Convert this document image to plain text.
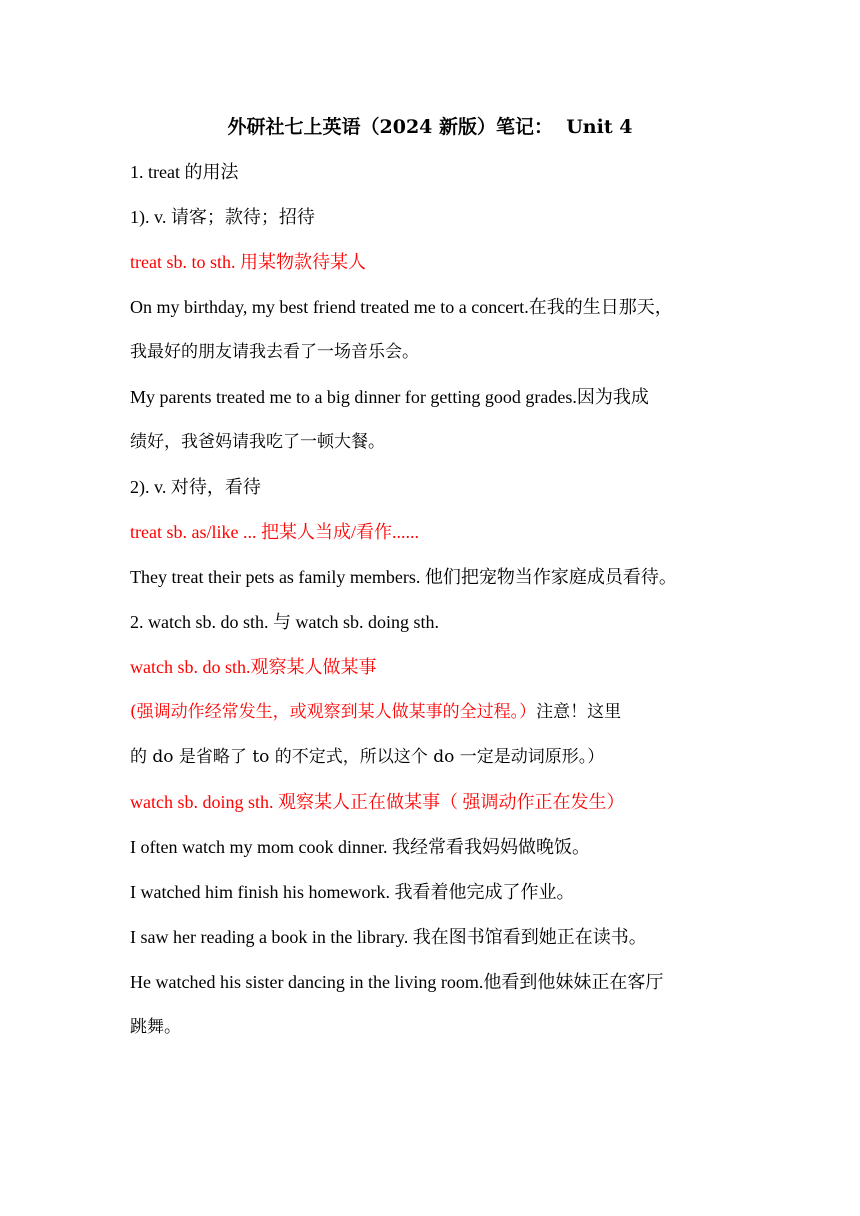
外研社七上英语（2024 新版）笔记：  Unit 4
1. treat 的用法
1). v. 请客；款待；招待
treat sb. to sth. 用某物款待某人
On my birthday, my best friend treated me to a concert.在我的生日那天，
我最好的朋友请我去看了一场音乐会。
My parents treated me to a big dinner for getting good grades.因为我成
绩好，我爸妈请我吃了一顿大餐。
2). v. 对待，看待
treat sb. as/like ... 把某人当成/看作......
They treat their pets as family members. 他们把宠物当作家庭成员看待。
2. watch sb. do sth. 与 watch sb. doing sth.
watch sb. do sth.观察某人做某事
(强调动作经常发生，或观察到某人做某事的全过程。）注意！这里
的 do 是省略了 to 的不定式，所以这个 do 一定是动词原形。）
watch sb. doing sth. 观察某人正在做某事（ 强调动作正在发生）
I often watch my mom cook dinner. 我经常看我妈妈做晚饭。
I watched him finish his homework. 我看着他完成了作业。
I saw her reading a book in the library. 我在图书馆看到她正在读书。
He watched his sister dancing in the living room.他看到他妹妹正在客厅
跳舞。
